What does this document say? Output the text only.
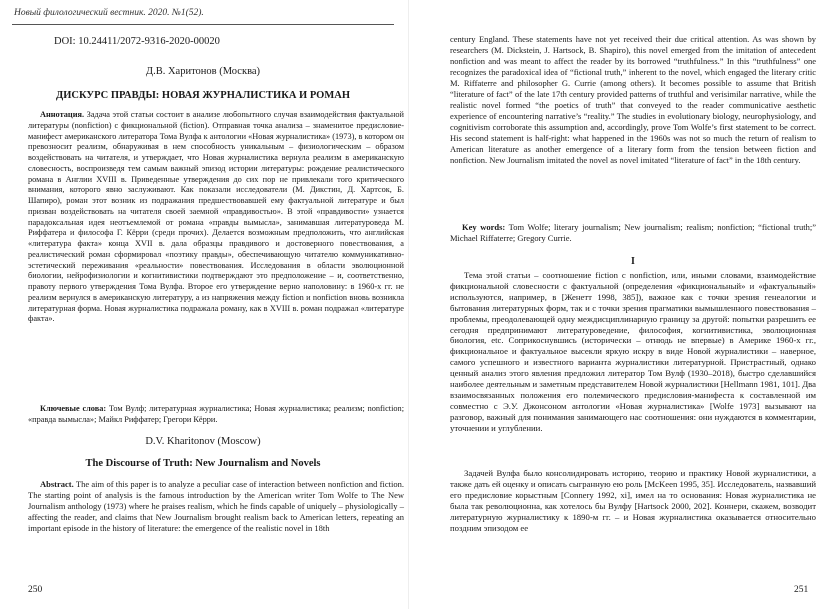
Новый филологический вестник. 2020. №1(52).
DOI: 10.24411/2072-9316-2020-00020
Д.В. Харитонов (Москва)
ДИСКУРС ПРАВДЫ: НОВАЯ ЖУРНАЛИСТИКА И РОМАН
Аннотация. Задача этой статьи состоит в анализе любопытного случая взаимодействия фактуальной литературы (nonfiction) с фикциональной (fiction). Отправная точка анализа – знаменитое предисловие-манифест американского литератора Тома Вулфа к антологии «Новая журналистика» (1973), в котором он превозносит реализм, обнаруживая в нем способность уникальным – физиологическим – образом воздействовать на читателя, и утверждает, что Новая журналистика вернула реализм в американскую словесность, воспроизведя тем самым важный эпизод истории литературы: рождение реалистического романа в Англии XVIII в. Приведенные утверждения до сих пор не привлекали того критического внимания, которого явно заслуживают. Как показали исследователи (М. Дикстин, Д. Хартсок, Б. Шапиро), роман этот возник из подражания предшествовавшей ему фактуальной литературе и был призван воздействовать на читателя своей заемной «правдивостью». В этой «правдивости» узнается парадоксальная идея неотъемлемой от романа «правды вымысла», занимавшая литературоведа М. Риффатера и философа Г. Кёрри (среди прочих). Делается возможным предположить, что английская «литература факта» конца XVII в. дала образцы правдивого и достоверного повествования, а реалистический роман сформировал «поэтику правды», обеспечивающую читателю коммуникативно-эстетический переживания «реальности» повествования. Исследования в области эволюционной биологии, нейрофизиологии и когнитивистики подтверждают это предположение – и, соответственно, правоту первого утверждения Тома Вулфа. Второе его утверждение верно наполовину: в 1960-х гг. не реализм вернулся в американскую литературу, а из напряжения между fiction и nonfiction вновь возникла литературная форма. Новая журналистика подражала роману, как в XVIII в. роман подражал «литературе факта».
Ключевые слова: Том Вулф; литературная журналистика; Новая журналистика; реализм; nonfiction; «правда вымысла»; Майкл Риффатер; Грегори Кёрри.
D.V. Kharitonov (Moscow)
The Discourse of Truth: New Journalism and Novels
Abstract. The aim of this paper is to analyze a peculiar case of interaction between nonfiction and fiction. The starting point of analysis is the famous introduction by the American writer Tom Wolfe to The New Journalism anthology (1973) where he praises realism, which he finds capable of uniquely – physiologically – affecting the reader, and claims that New Journalism brought realism back to American letters, repeating an important episode in the history of literature: the emergence of the realistic novel in 18th
250
century England. These statements have not yet received their due critical attention. As was shown by researchers (M. Dickstein, J. Hartsock, B. Shapiro), this novel emerged from the imitation of antecedent nonfiction and was meant to affect the reader by its borrowed “truthfulness.” In this “truthfulness” one recognizes the paradoxical idea of “fictional truth,” inherent to the novel, which engaged the literary critic M. Riffaterre and philosopher G. Currie (among others). It becomes possible to assume that British “literature of fact” of the late 17th century provided patterns of truthful and verisimilar narrative, while the realistic novel formed “the poetics of truth” that conveyed to the reader communicative aesthetic experience of encountering narrative’s “reality.” The studies in evolutionary biology, neurophysiology, and cognitivism corroborate this assumption and, accordingly, prove Tom Wolfe’s first statement to be correct. His second statement is half-right: what happened in the 1960s was not so much the return of realism to American literature as another emergence of a literary form from the tension between fiction and nonfiction. New Journalism imitated the novel as novel imitated “literature of fact” in the 18th century.
Key words: Tom Wolfe; literary journalism; New journalism; realism; nonfiction; “fictional truth;” Michael Riffaterre; Gregory Currie.
I
Тема этой статьи – соотношение fiction с nonfiction, или, иными словами, взаимодействие фикциональной словесности с фактуальной (определения «фикциональный» и «фактуальный» используются, например, в [Женетт 1998, 385]), важное как с точки зрения генеалогии и бытования литературных форм, так и с точки зрения прагматики вымышленного повествования – проблемы, преодолевающей одну междисциплинарную границу за другой: попытки разрешить ее сегодня предпринимают литературоведение, философия, когнитивистика, эволюционная биология, etc. Соприкоснувшись (исторически – отнюдь не впервые) в Америке 1960-х гг., фикциональное и фактуальное высекли яркую искру в виде Новой журналистики – наверное, самого успешного и известного варианта журналистики литературной. Пристрастный, однако ценный анализ этого явления предложил литератор Том Вулф (1930–2018), быстро сделавшийся наиболее деятельным и заметным представителем Новой журналистики [Hellmann 1981, 101]. Два взаимосвязанных положения его полемического предисловия-манифеста к составленной им совместно с Э.У. Джонсоном антологии «Новая журналистика» [Wolfe 1973] вызывают на разговор, важный для понимания занимающего нас соотношения: они нуждаются в комментарии, уточнении и углублении.
Задачей Вулфа было консолидировать историю, теорию и практику Новой журналистики, а также дать ей оценку и описать сыгранную ею роль [McKeen 1995, 35]. Исследователь, назвавший его предисловие корыстным [Connery 1992, xi], имел на то основания: Новая журналистика не была так революционна, как хотелось бы Вулфу [Hartsock 2000, 202]. Коннери, скажем, возводит литературную журналистику к 1890-м гг. – и Новая журналистика оказывается относительно поздним эпизодом ее
251
